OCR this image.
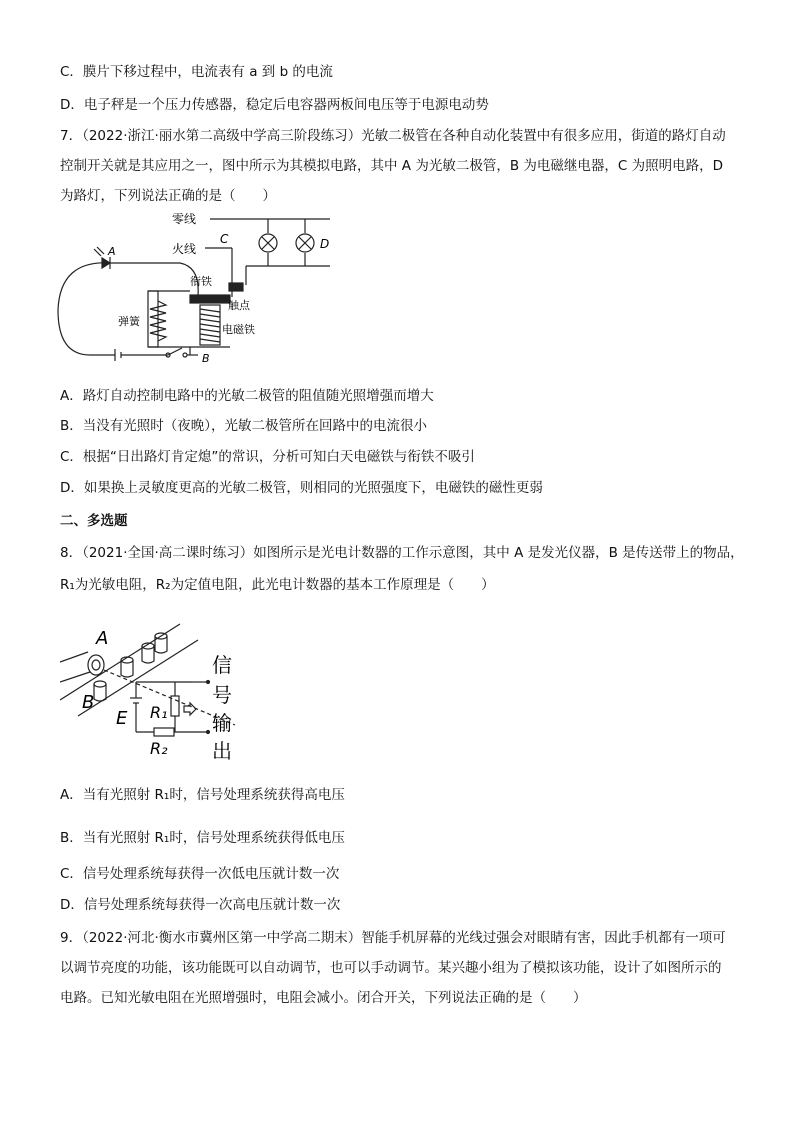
C．膜片下移过程中，电流表有 a 到 b 的电流
D．电子秤是一个压力传感器，稳定后电容器两板间电压等于电源电动势
7．（2022·浙江·丽水第二高级中学高三阶段练习）光敏二极管在各种自动化装置中有很多应用，街道的路灯自动
控制开关就是其应用之一，图中所示为其模拟电路，其中 A 为光敏二极管，B 为电磁继电器，C 为照明电路，D
为路灯，下列说法正确的是（　　）
零线
火线
C	D
A
B
衔铁
弹簧
触点
电磁铁
A．路灯自动控制电路中的光敏二极管的阻值随光照增强而增大
B．当没有光照时（夜晚），光敏二极管所在回路中的电流很小
C．根据“日出路灯肯定熄”的常识，分析可知白天电磁铁与衔铁不吸引
D．如果换上灵敏度更高的光敏二极管，则相同的光照强度下，电磁铁的磁性更弱
二、多选题
8．（2021·全国·高二课时练习）如图所示是光电计数器的工作示意图，其中 A 是发光仪器，B 是传送带上的物品，
R₁为光敏电阻，R₂为定值电阻，此光电计数器的基本工作原理是（　　）
A
B
E R₁
R₂
信
号
输
出
A．当有光照射 R₁时，信号处理系统获得高电压
B．当有光照射 R₁时，信号处理系统获得低电压
C．信号处理系统每获得一次低电压就计数一次
D．信号处理系统每获得一次高电压就计数一次
9．（2022·河北·衡水市冀州区第一中学高二期末）智能手机屏幕的光线过强会对眼睛有害，因此手机都有一项可
以调节亮度的功能，该功能既可以自动调节，也可以手动调节。某兴趣小组为了模拟该功能，设计了如图所示的
电路。已知光敏电阻在光照增强时，电阻会减小。闭合开关，下列说法正确的是（　　）
